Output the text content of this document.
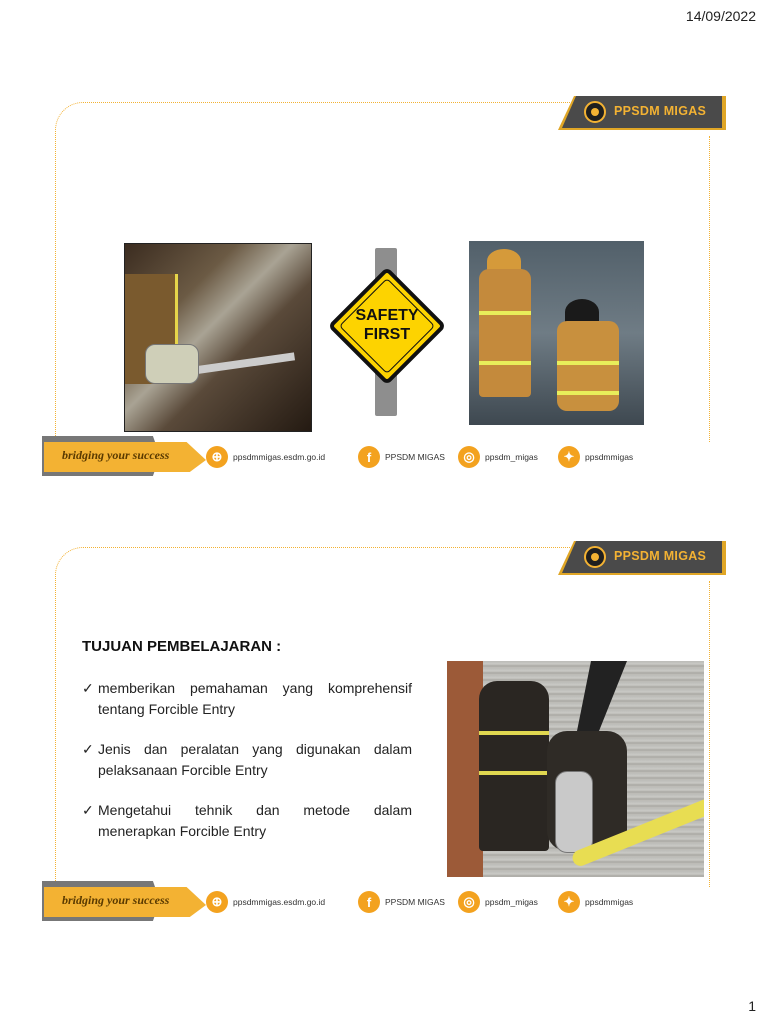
14/09/2022
PPSDM MIGAS
SAFETY
FIRST
bridging your success	⊕	ppsdmmigas.esdm.go.id	f	PPSDM MIGAS	◎	ppsdm_migas	✦	ppsdmmigas
PPSDM MIGAS
TUJUAN PEMBELAJARAN :
✓ memberikan pemahaman yang komprehensif tentang Forcible Entry
✓ Jenis dan peralatan yang digunakan dalam pelaksanaan Forcible Entry
✓ Mengetahui tehnik dan metode dalam menerapkan Forcible Entry
bridging your success	⊕	ppsdmmigas.esdm.go.id	f	PPSDM MIGAS	◎	ppsdm_migas	✦	ppsdmmigas
1
